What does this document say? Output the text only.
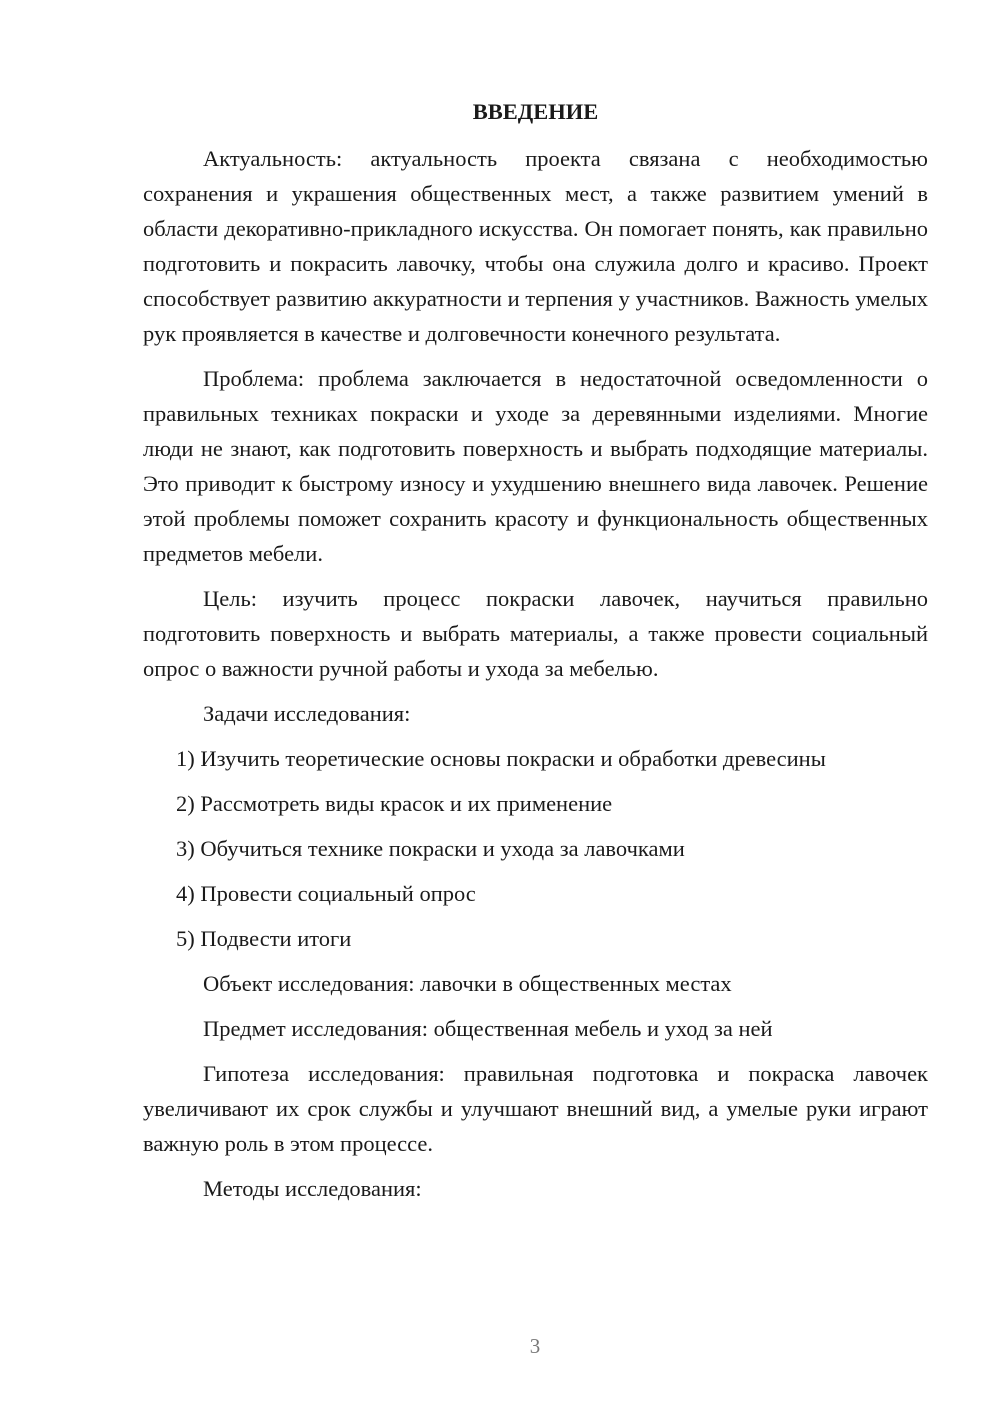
ВВЕДЕНИЕ

Актуальность: актуальность проекта связана с необходимостью сохранения и украшения общественных мест, а также развитием умений в области декоративно-прикладного искусства. Он помогает понять, как правильно подготовить и покрасить лавочку, чтобы она служила долго и красиво. Проект способствует развитию аккуратности и терпения у участников. Важность умелых рук проявляется в качестве и долговечности конечного результата.

Проблема: проблема заключается в недостаточной осведомленности о правильных техниках покраски и уходе за деревянными изделиями. Многие люди не знают, как подготовить поверхность и выбрать подходящие материалы. Это приводит к быстрому износу и ухудшению внешнего вида лавочек. Решение этой проблемы поможет сохранить красоту и функциональность общественных предметов мебели.

Цель: изучить процесс покраски лавочек, научиться правильно подготовить поверхность и выбрать материалы, а также провести социальный опрос о важности ручной работы и ухода за мебелью.

Задачи исследования:

1) Изучить теоретические основы покраски и обработки древесины

2) Рассмотреть виды красок и их применение

3) Обучиться технике покраски и ухода за лавочками

4) Провести социальный опрос

5) Подвести итоги

Объект исследования: лавочки в общественных местах

Предмет исследования: общественная мебель и уход за ней

Гипотеза исследования: правильная подготовка и покраска лавочек увеличивают их срок службы и улучшают внешний вид, а умелые руки играют важную роль в этом процессе.

Методы исследования:

3
